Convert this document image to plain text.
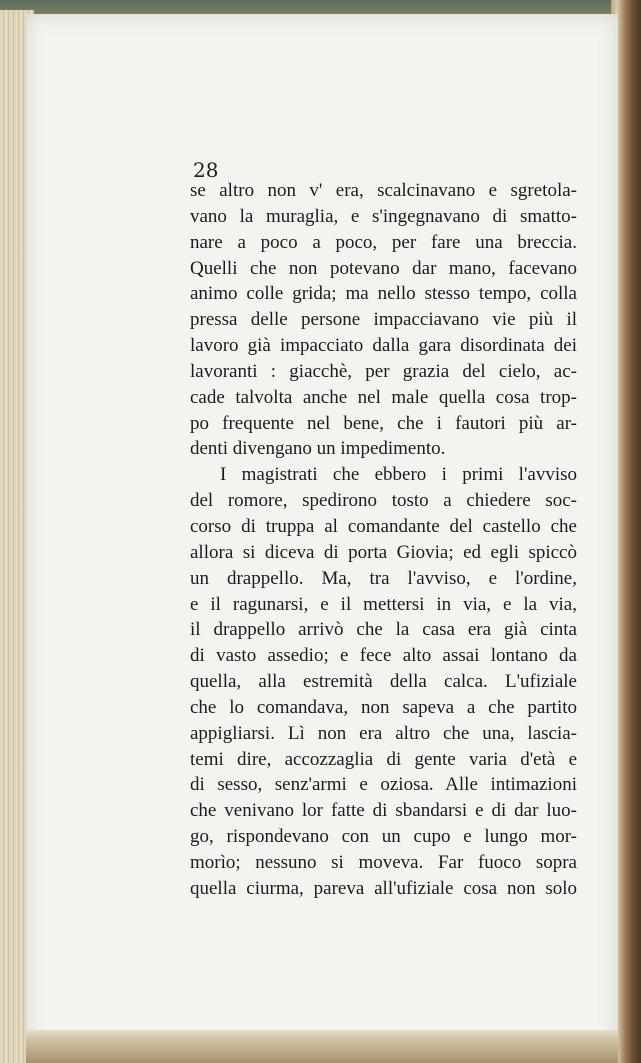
28

se altro non v' era, scalcinavano e sgretola-
vano la muraglia, e s'ingegnavano di smatto-
nare a poco a poco, per fare una breccia.
Quelli che non potevano dar mano, facevano
animo colle grida; ma nello stesso tempo, colla
pressa delle persone impacciavano vie più il
lavoro già impacciato dalla gara disordinata dei
lavoranti : giacchè, per grazia del cielo, ac-
cade talvolta anche nel male quella cosa trop-
po frequente nel bene, che i fautori più ar-
denti divengano un impedimento.
I magistrati che ebbero i primi l'avviso
del romore, spedirono tosto a chiedere soc-
corso di truppa al comandante del castello che
allora si diceva di porta Giovia; ed egli spiccò
un drappello. Ma, tra l'avviso, e l'ordine,
e il ragunarsi, e il mettersi in via, e la via,
il drappello arrivò che la casa era già cinta
di vasto assedio; e fece alto assai lontano da
quella, alla estremità della calca. L'ufiziale
che lo comandava, non sapeva a che partito
appigliarsi. Lì non era altro che una, lascia-
temi dire, accozzaglia di gente varia d'età e
di sesso, senz'armi e oziosa. Alle intimazioni
che venivano lor fatte di sbandarsi e di dar luo-
go, rispondevano con un cupo e lungo mor-
morìo; nessuno si moveva. Far fuoco sopra
quella ciurma, pareva all'ufiziale cosa non solo
